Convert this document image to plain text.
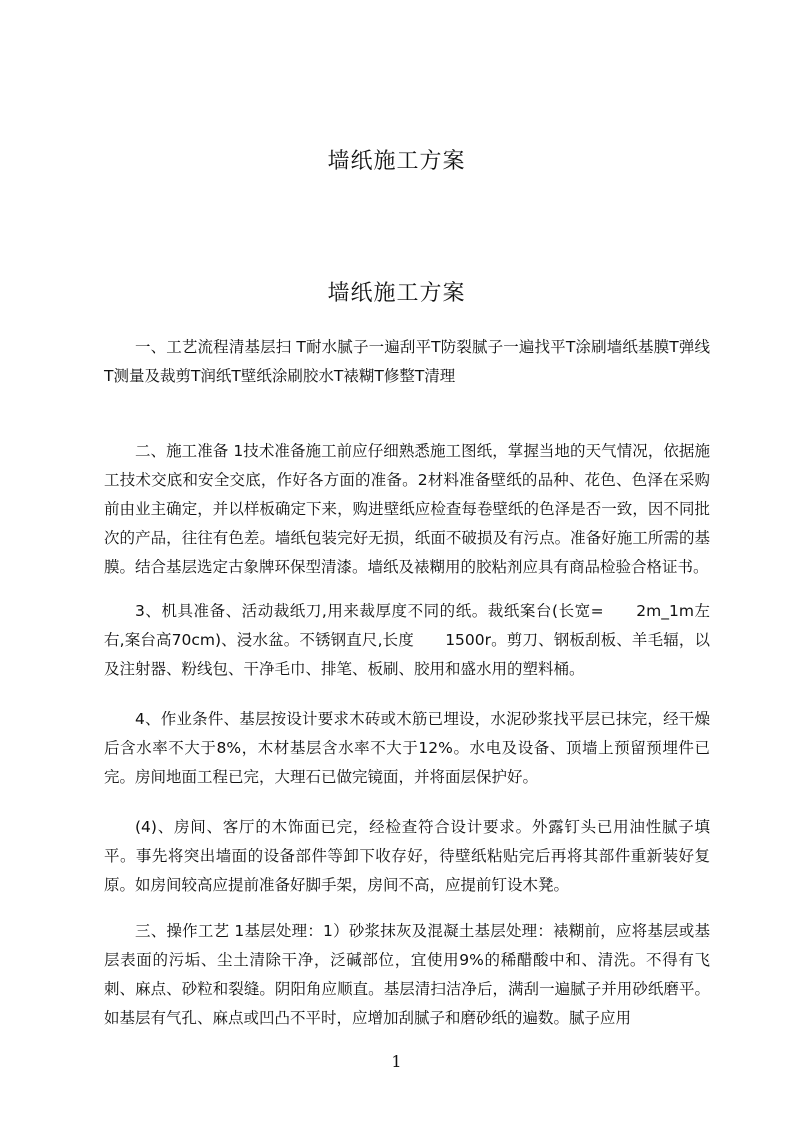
墙纸施工方案
墙纸施工方案

一、工艺流程清基层扫 T耐水腻子一遍刮平T防裂腻子一遍找平T涂刷墙纸基膜T弹线T测量及裁剪T润纸T壁纸涂刷胶水T裱糊T修整T清理

二、施工准备 1技术准备施工前应仔细熟悉施工图纸，掌握当地的天气情况，依据施工技术交底和安全交底，作好各方面的准备。2材料准备壁纸的品种、花色、色泽在采购前由业主确定，并以样板确定下来，购进壁纸应检查每卷壁纸的色泽是否一致，因不同批次的产品，往往有色差。墙纸包装完好无损，纸面不破损及有污点。准备好施工所需的基膜。结合基层选定古象牌环保型清漆。墙纸及裱糊用的胶粘剂应具有商品检验合格证书。

3、机具准备、活动裁纸刀,用来裁厚度不同的纸。裁纸案台(长宽=　　2m_1m左右,案台高70cm)、浸水盆。不锈钢直尺,长度　　1500r。剪刀、钢板刮板、羊毛辐，以及注射器、粉线包、干净毛巾、排笔、板刷、胶用和盛水用的塑料桶。

4、作业条件、基层按设计要求木砖或木筋已埋设，水泥砂浆找平层已抹完，经干燥后含水率不大于8%，木材基层含水率不大于12%。水电及设备、顶墙上预留预埋件已完。房间地面工程已完，大理石已做完镜面，并将面层保护好。

(4)、房间、客厅的木饰面已完，经检查符合设计要求。外露钉头已用油性腻子填平。事先将突出墙面的设备部件等卸下收存好，待壁纸粘贴完后再将其部件重新装好复原。如房间较高应提前准备好脚手架，房间不高，应提前钉设木凳。

三、操作工艺 1基层处理：1）砂浆抹灰及混凝土基层处理：裱糊前，应将基层或基层表面的污垢、尘土清除干净，泛碱部位，宜使用9%的稀醋酸中和、清洗。不得有飞刺、麻点、砂粒和裂缝。阴阳角应顺直。基层清扫洁净后，满刮一遍腻子并用砂纸磨平。如基层有气孔、麻点或凹凸不平时，应增加刮腻子和磨砂纸的遍数。腻子应用

1
